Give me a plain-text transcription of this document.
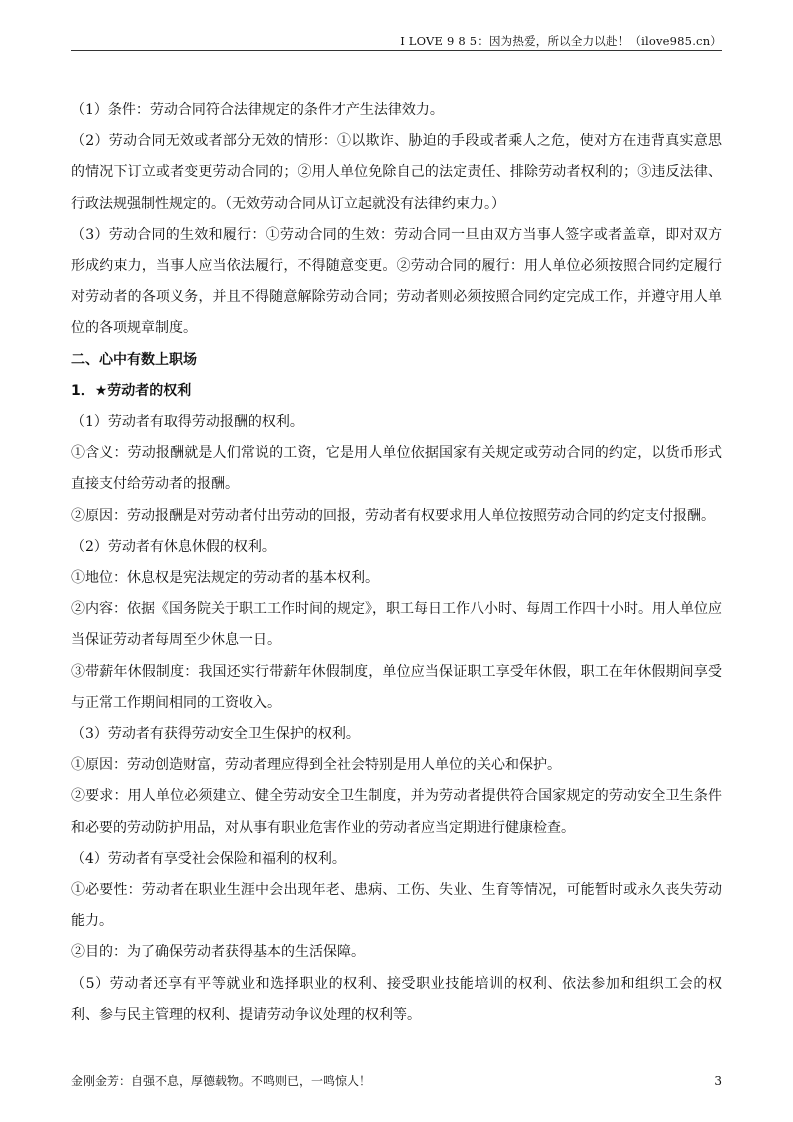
I LOVE 9 8 5：因为热爱，所以全力以赴！（ilove985.cn）

（1）条件：劳动合同符合法律规定的条件才产生法律效力。

（2）劳动合同无效或者部分无效的情形：①以欺诈、胁迫的手段或者乘人之危，使对方在违背真实意思的情况下订立或者变更劳动合同的；②用人单位免除自己的法定责任、排除劳动者权利的；③违反法律、行政法规强制性规定的。（无效劳动合同从订立起就没有法律约束力。）

（3）劳动合同的生效和履行：①劳动合同的生效：劳动合同一旦由双方当事人签字或者盖章，即对双方形成约束力，当事人应当依法履行，不得随意变更。②劳动合同的履行：用人单位必须按照合同约定履行对劳动者的各项义务，并且不得随意解除劳动合同；劳动者则必须按照合同约定完成工作，并遵守用人单位的各项规章制度。

二、心中有数上职场

1．★劳动者的权利

（1）劳动者有取得劳动报酬的权利。

①含义：劳动报酬就是人们常说的工资，它是用人单位依据国家有关规定或劳动合同的约定，以货币形式直接支付给劳动者的报酬。

②原因：劳动报酬是对劳动者付出劳动的回报，劳动者有权要求用人单位按照劳动合同的约定支付报酬。

（2）劳动者有休息休假的权利。

①地位：休息权是宪法规定的劳动者的基本权利。

②内容：依据《国务院关于职工工作时间的规定》，职工每日工作八小时、每周工作四十小时。用人单位应当保证劳动者每周至少休息一日。

③带薪年休假制度：我国还实行带薪年休假制度，单位应当保证职工享受年休假，职工在年休假期间享受与正常工作期间相同的工资收入。

（3）劳动者有获得劳动安全卫生保护的权利。

①原因：劳动创造财富，劳动者理应得到全社会特别是用人单位的关心和保护。

②要求：用人单位必须建立、健全劳动安全卫生制度，并为劳动者提供符合国家规定的劳动安全卫生条件和必要的劳动防护用品，对从事有职业危害作业的劳动者应当定期进行健康检查。

（4）劳动者有享受社会保险和福利的权利。

①必要性：劳动者在职业生涯中会出现年老、患病、工伤、失业、生育等情况，可能暂时或永久丧失劳动能力。

②目的：为了确保劳动者获得基本的生活保障。

（5）劳动者还享有平等就业和选择职业的权利、接受职业技能培训的权利、依法参加和组织工会的权利、参与民主管理的权利、提请劳动争议处理的权利等。

金刚金芳：自强不息，厚德载物。不鸣则已，一鸣惊人！	3
